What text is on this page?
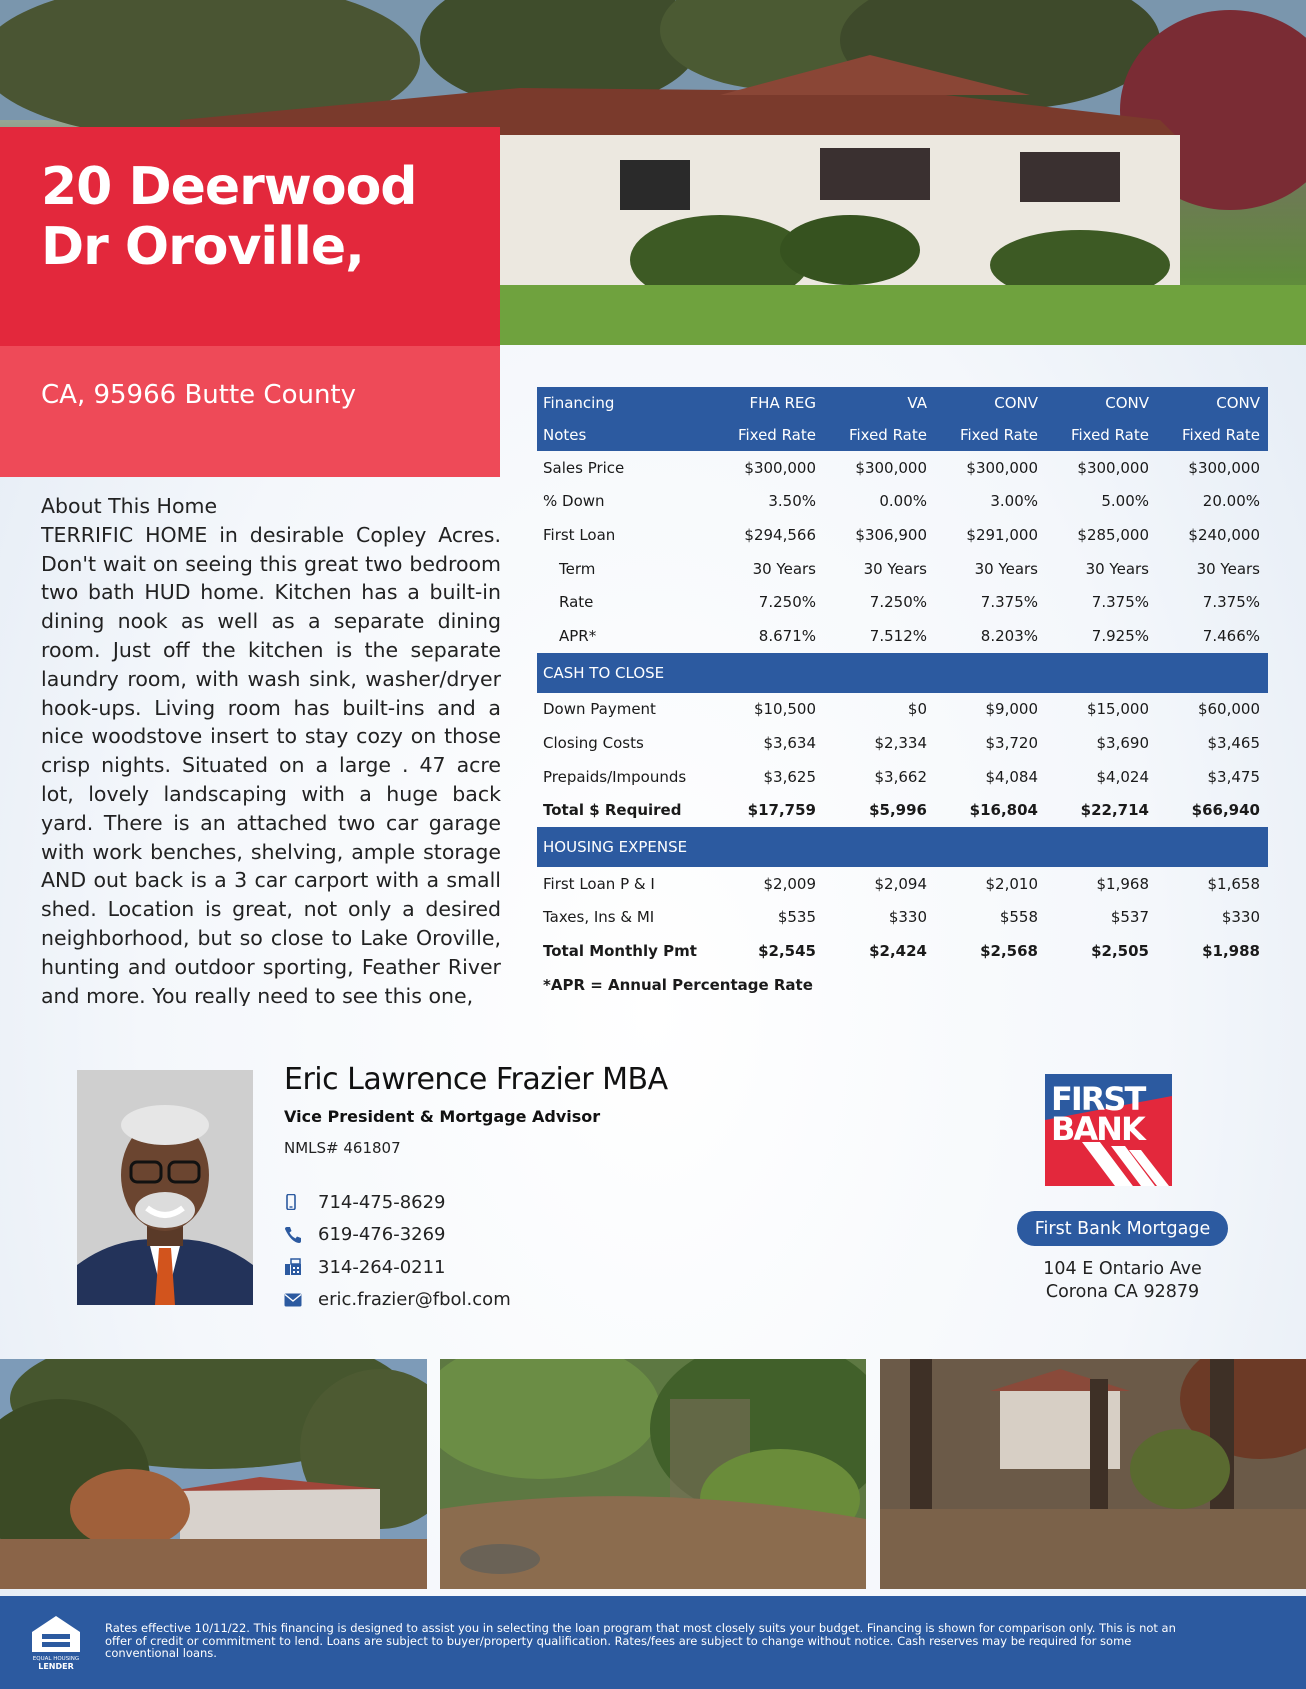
20 Deerwood
Dr Oroville,
CA, 95966 Butte County
About This Home
TERRIFIC HOME in desirable Copley Acres. Don't wait on seeing this great two bedroom two bath HUD home. Kitchen has a built-in dining nook as well as a separate dining room. Just off the kitchen is the separate laundry room, with wash sink, washer/dryer hook-ups. Living room has built-ins and a nice woodstove insert to stay cozy on those crisp nights. Situated on a large . 47 acre lot, lovely landscaping with a huge back yard. There is an attached two car garage with work benches, shelving, ample storage AND out back is a 3 car carport with a small shed. Location is great, not only a desired neighborhood, but so close to Lake Oroville, hunting and outdoor sporting, Feather River and more. You really need to see this one,
Financing	FHA REG	VA	CONV	CONV	CONV
Notes	Fixed Rate	Fixed Rate	Fixed Rate	Fixed Rate	Fixed Rate
Sales Price	$300,000	$300,000	$300,000	$300,000	$300,000
% Down	3.50%	0.00%	3.00%	5.00%	20.00%
First Loan	$294,566	$306,900	$291,000	$285,000	$240,000
Term	30 Years	30 Years	30 Years	30 Years	30 Years
Rate	7.250%	7.250%	7.375%	7.375%	7.375%
APR*	8.671%	7.512%	8.203%	7.925%	7.466%
CASH TO CLOSE
Down Payment	$10,500	$0	$9,000	$15,000	$60,000
Closing Costs	$3,634	$2,334	$3,720	$3,690	$3,465
Prepaids/Impounds	$3,625	$3,662	$4,084	$4,024	$3,475
Total $ Required	$17,759	$5,996	$16,804	$22,714	$66,940
HOUSING EXPENSE
First Loan P & I	$2,009	$2,094	$2,010	$1,968	$1,658
Taxes, Ins & MI	$535	$330	$558	$537	$330
Total Monthly Pmt	$2,545	$2,424	$2,568	$2,505	$1,988
*APR = Annual Percentage Rate
Eric Lawrence Frazier MBA
Vice President & Mortgage Advisor
NMLS# 461807
714-475-8629
619-476-3269
314-264-0211
eric.frazier@fbol.com
FIRST
BANK
First Bank Mortgage
104 E Ontario Ave
Corona CA 92879
EQUAL HOUSING
LENDER
Rates effective 10/11/22. This financing is designed to assist you in selecting the loan program that most closely suits your budget. Financing is shown for comparison only. This is not an offer of credit or commitment to lend. Loans are subject to buyer/property qualification. Rates/fees are subject to change without notice. Cash reserves may be required for some conventional loans.
